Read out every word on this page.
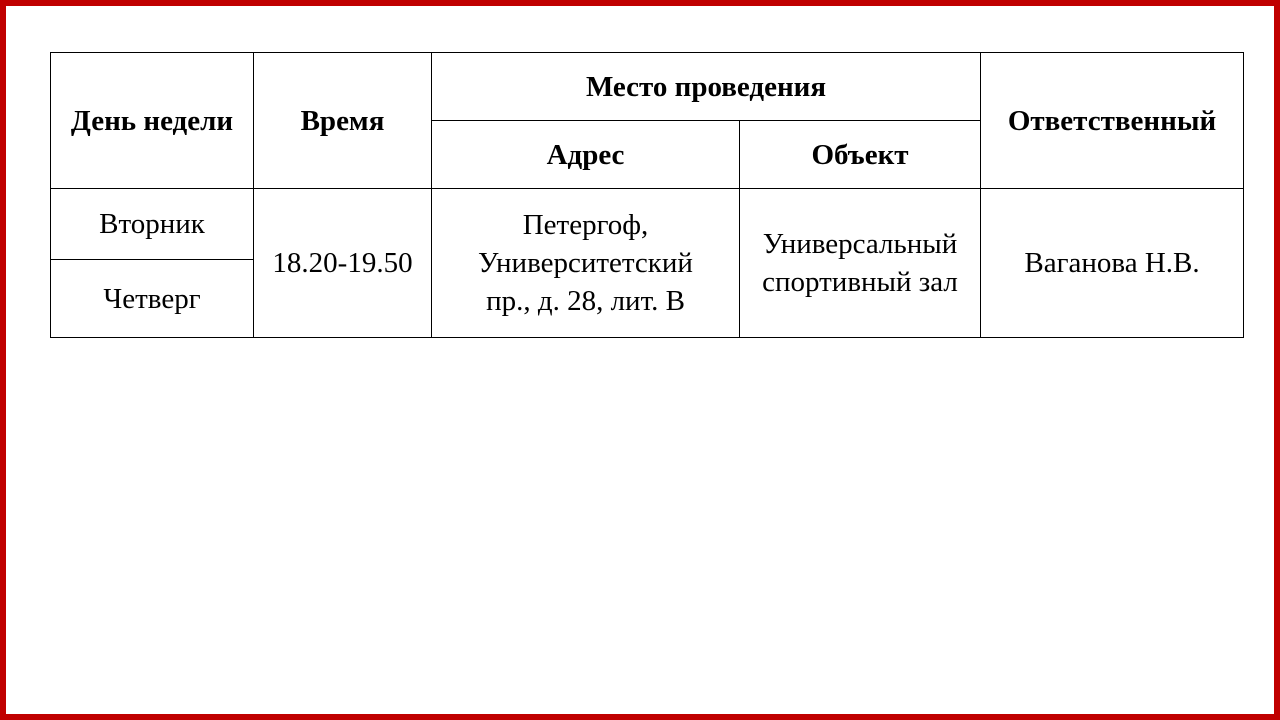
День недели	Время	Место проведения		Ответственный
		Адрес	Объект	
Вторник	18.20-19.50	Петергоф,
Университетский
пр., д. 28, лит. В	Универсальный
спортивный зал	Ваганова Н.В.
Четверг				
